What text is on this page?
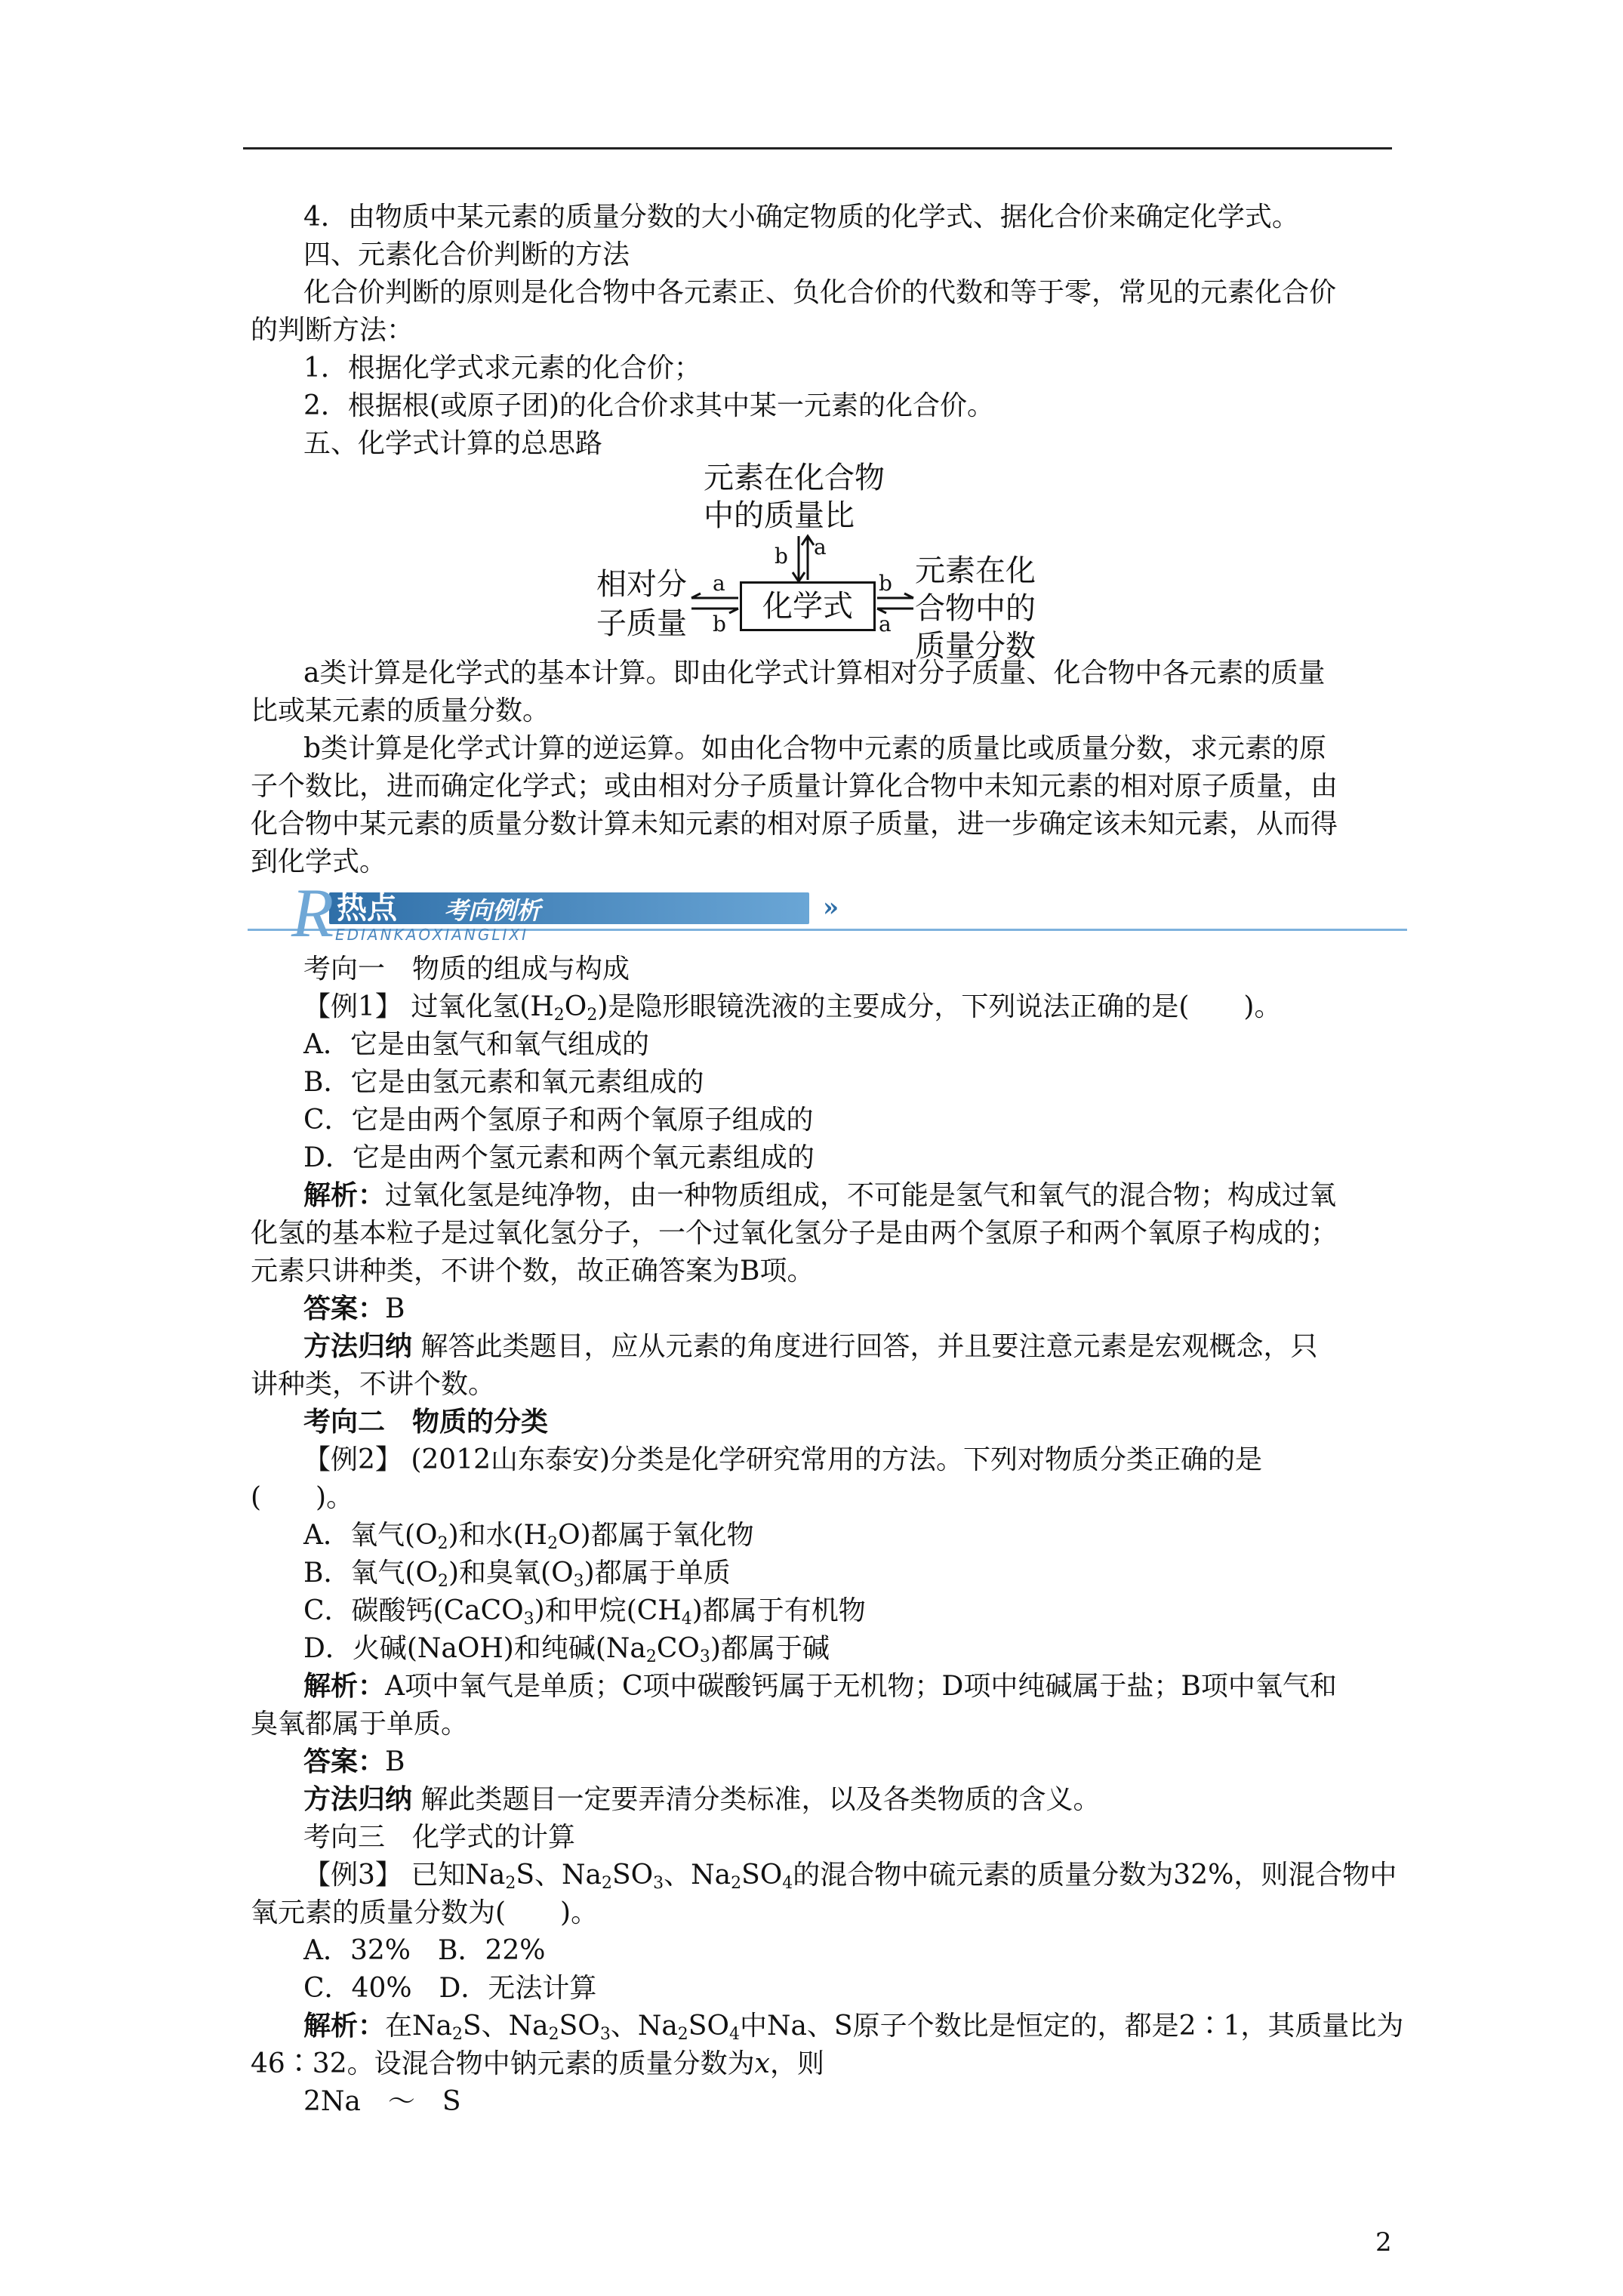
4．由物质中某元素的质量分数的大小确定物质的化学式、据化合价来确定化学式。
四、元素化合价判断的方法
化合价判断的原则是化合物中各元素正、负化合价的代数和等于零，常见的元素化合价
的判断方法：
1．根据化学式求元素的化合价；
2．根据根(或原子团)的化合价求其中某一元素的化合价。
五、化学式计算的总思路
元素在化合物
中的质量比
相对分
子质量	化学式
元素在化
合物中的
质量分数
b a
a
b
b
a
a类计算是化学式的基本计算。即由化学式计算相对分子质量、化合物中各元素的质量
比或某元素的质量分数。
b类计算是化学式计算的逆运算。如由化合物中元素的质量比或质量分数，求元素的原
子个数比，进而确定化学式；或由相对分子质量计算化合物中未知元素的相对原子质量，由
化合物中某元素的质量分数计算未知元素的相对原子质量，进一步确定该未知元素，从而得
到化学式。
R 热点 考向例析	»
EDIANKAOXIANGLIXI
考向一　物质的组成与构成
【例1】 过氧化氢$(H_2O_2)$是隐形眼镜洗液的主要成分，下列说法正确的是(　　)。
A．它是由氢气和氧气组成的
B．它是由氢元素和氧元素组成的
C．它是由两个氢原子和两个氧原子组成的
D．它是由两个氢元素和两个氧元素组成的
解析：过氧化氢是纯净物，由一种物质组成，不可能是氢气和氧气的混合物；构成过氧
化氢的基本粒子是过氧化氢分子，一个过氧化氢分子是由两个氢原子和两个氧原子构成的；
元素只讲种类，不讲个数，故正确答案为B项。
答案：B
方法归纳 解答此类题目，应从元素的角度进行回答，并且要注意元素是宏观概念，只
讲种类，不讲个数。
考向二　物质的分类
【例2】 (2012山东泰安)分类是化学研究常用的方法。下列对物质分类正确的是
(　　)。
A．氧气$(O_2)$和水$(H_2O)$都属于氧化物
B．氧气$(O_2)$和臭氧$(O_3)$都属于单质
C．碳酸钙(CaCO$_3$)和甲烷$(CH_4)$都属于有机物
D．火碱(NaOH)和纯碱$(Na_2CO_3)$都属于碱
解析：A项中氧气是单质；C项中碳酸钙属于无机物；D项中纯碱属于盐；B项中氧气和
臭氧都属于单质。
答案：B
方法归纳 解此类题目一定要弄清分类标准，以及各类物质的含义。
考向三　化学式的计算
【例3】 已知$Na_2S$、$Na_2SO_3$、$Na_2SO_4$的混合物中硫元素的质量分数为32%，则混合物中
氧元素的质量分数为(　　)。
A．32%　B．22%
C．40%　D．无法计算
解析：在$Na_2S$、$Na_2SO_3$、$Na_2SO_4$中Na、S原子个数比是恒定的，都是2∶1，其质量比为
46∶32。设混合物中钠元素的质量分数为x，则
2Na　～　S
2
